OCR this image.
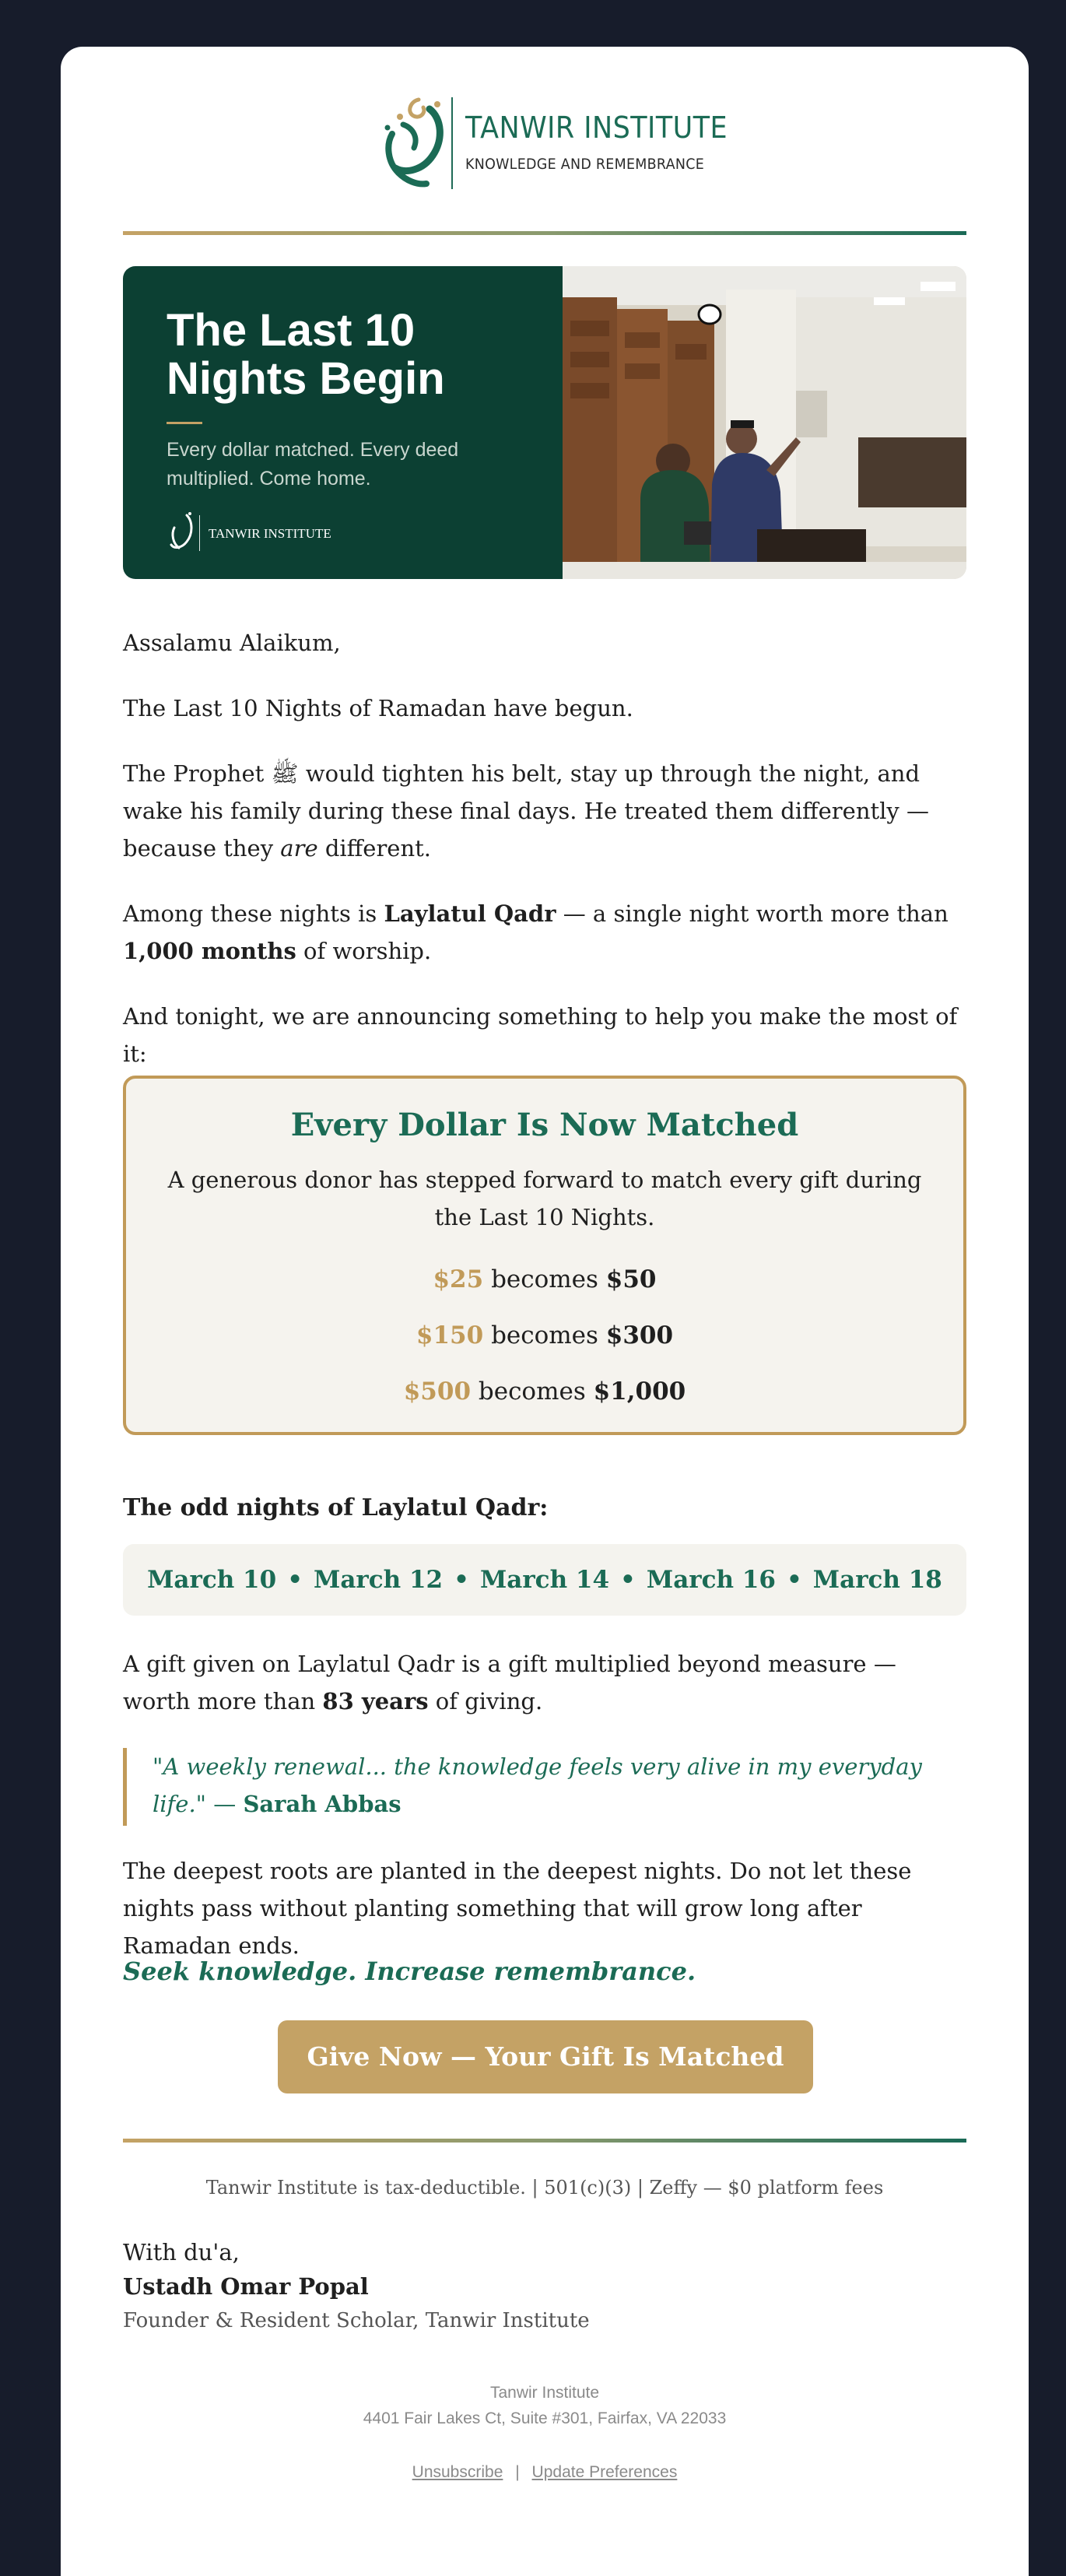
TANWIR INSTITUTE
KNOWLEDGE AND REMEMBRANCE
The Last 10
Nights Begin
Every dollar matched. Every deed multiplied. Come home.
TANWIR INSTITUTE

Assalamu Alaikum,

The Last 10 Nights of Ramadan have begun.

The Prophet ﷺ would tighten his belt, stay up through the night, and wake his family during these final days. He treated them differently — because they are different.

Among these nights is Laylatul Qadr — a single night worth more than 1,000 months of worship.

And tonight, we are announcing something to help you make the most of it:

Every Dollar Is Now Matched

A generous donor has stepped forward to match every gift during the Last 10 Nights.

$25 becomes $50
$150 becomes $300
$500 becomes $1,000

The odd nights of Laylatul Qadr:

March 10 • March 12 • March 14 • March 16 • March 18

A gift given on Laylatul Qadr is a gift multiplied beyond measure — worth more than 83 years of giving.

"A weekly renewal... the knowledge feels very alive in my everyday life." — Sarah Abbas

The deepest roots are planted in the deepest nights. Do not let these nights pass without planting something that will grow long after Ramadan ends.

Seek knowledge. Increase remembrance.

Give Now — Your Gift Is Matched
Tanwir Institute is tax-deductible. | 501(c)(3) | Zeffy — $0 platform fees

With du'a,

Ustadh Omar Popal

Founder & Resident Scholar, Tanwir Institute

Tanwir Institute
4401 Fair Lakes Ct, Suite #301, Fairfax, VA 22033
Unsubscribe | Update Preferences
